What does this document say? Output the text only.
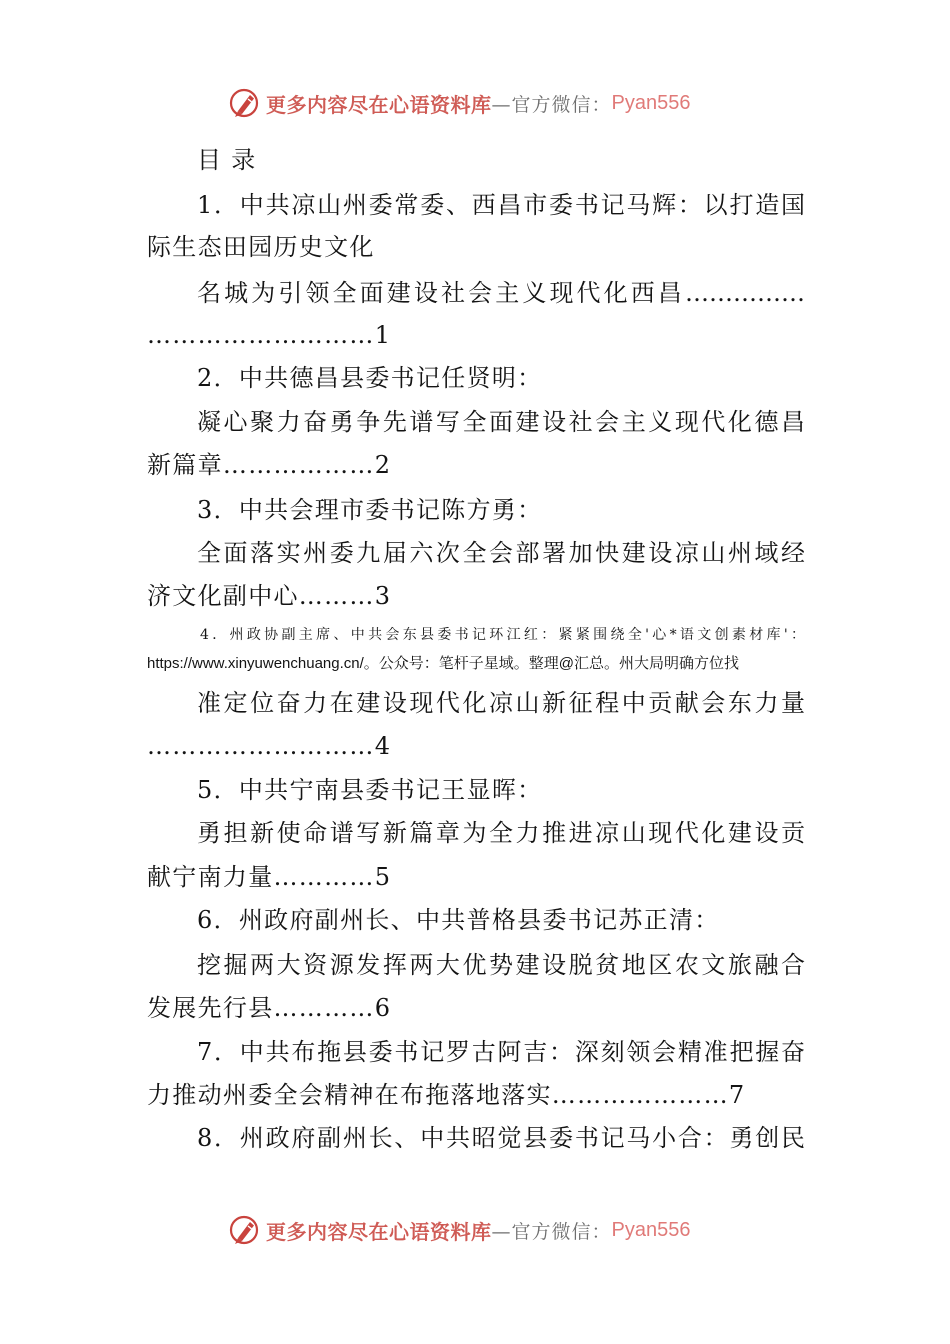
更多内容尽在心语资料库 —官方微信： Pyan556
目 录
1．中共凉山州委常委、西昌市委书记马辉：以打造国
际生态田园历史文化
名城为引领全面建设社会主义现代化西昌……………
………………………1
2．中共德昌县委书记任贤明：
凝心聚力奋勇争先谱写全面建设社会主义现代化德昌
新篇章………………2
3．中共会理市委书记陈方勇：
全面落实州委九届六次全会部署加快建设凉山州域经
济文化副中心………3
4．州政协副主席、中共会东县委书记环江红：紧紧围绕全'心*语文创素材库'：
https://www.xinyuwenchuang.cn/。公众号：笔杆子星域。整理@汇总。州大局明确方位找
准定位奋力在建设现代化凉山新征程中贡献会东力量
………………………4
5．中共宁南县委书记王显晖：
勇担新使命谱写新篇章为全力推进凉山现代化建设贡
献宁南力量…………5
6．州政府副州长、中共普格县委书记苏正清：
挖掘两大资源发挥两大优势建设脱贫地区农文旅融合
发展先行县…………6
7．中共布拖县委书记罗古阿吉：深刻领会精准把握奋
力推动州委全会精神在布拖落地落实…………………7
8．州政府副州长、中共昭觉县委书记马小合：勇创民
更多内容尽在心语资料库 —官方微信： Pyan556
